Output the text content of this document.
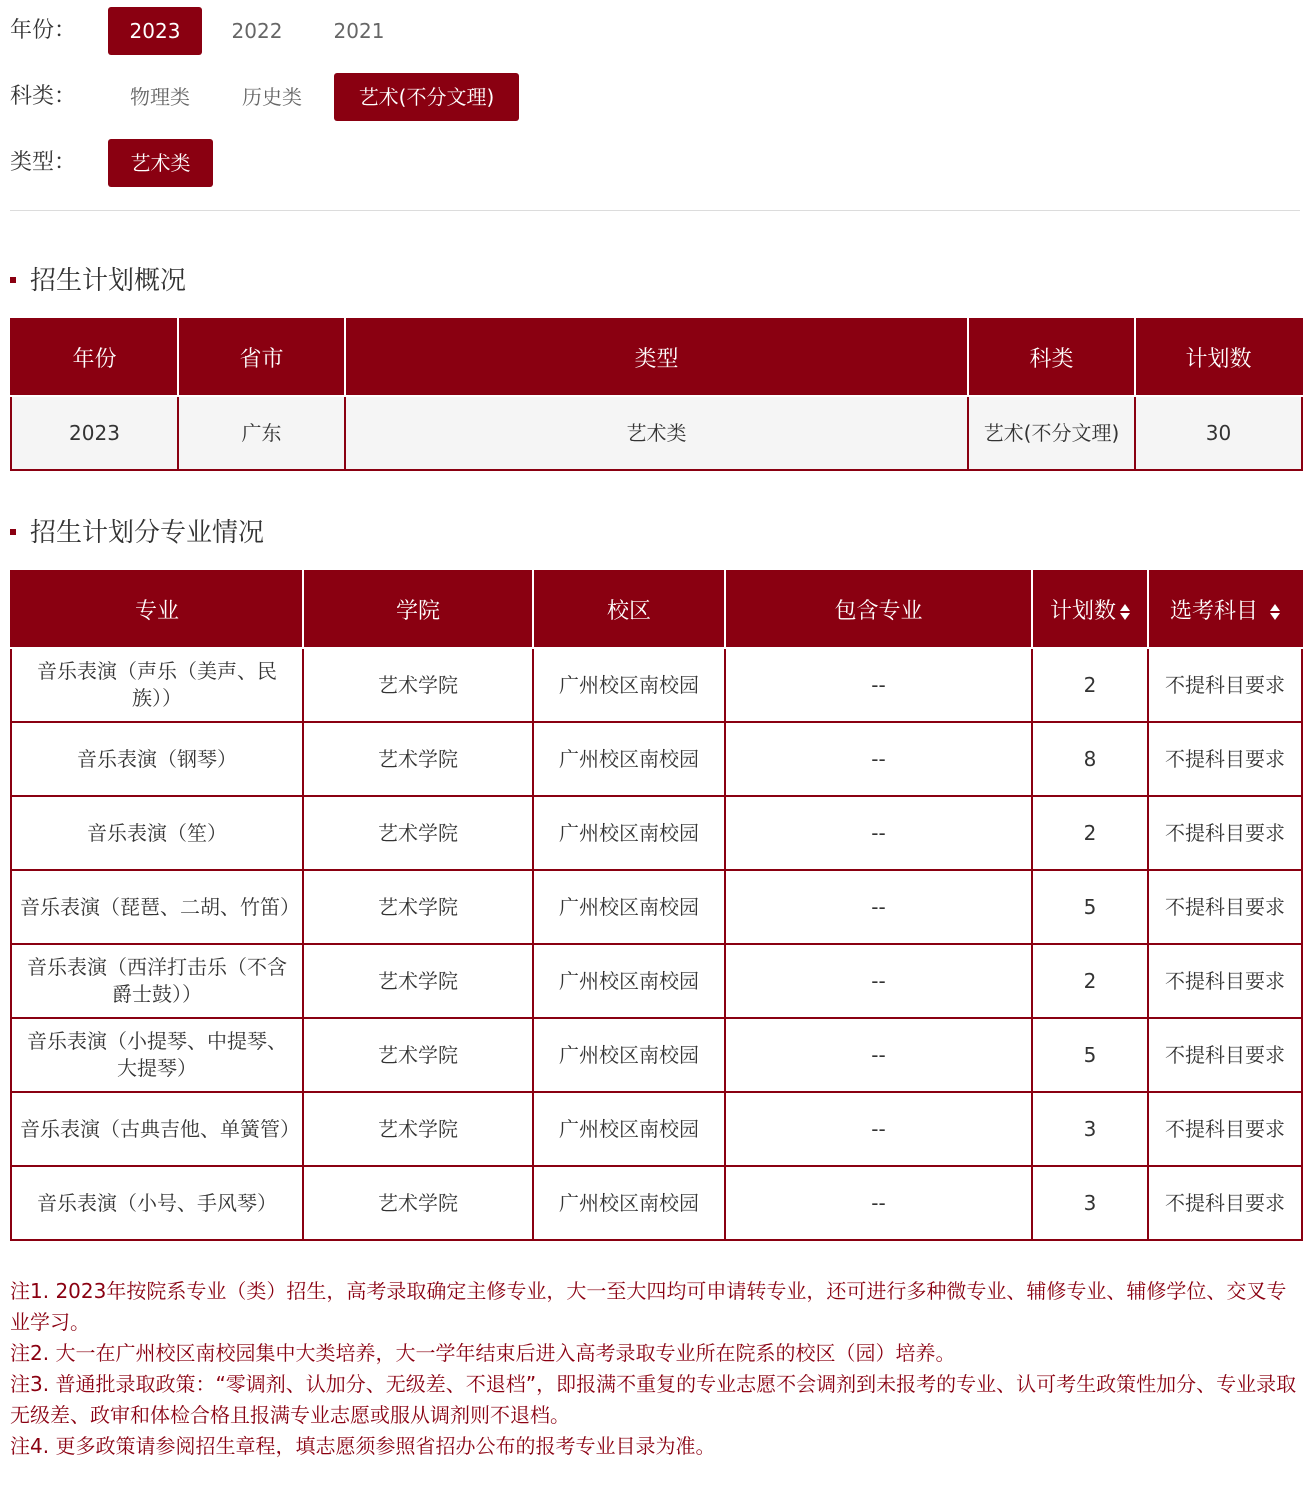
年份：	2023	2022	2021
科类：	物理类	历史类	艺术(不分文理)
类型：	艺术类
招生计划概况
年份	省市	类型	科类	计划数
2023	广东	艺术类	艺术(不分文理)	30
招生计划分专业情况
专业	学院	校区	包含专业	计划数	选考科目
音乐表演（声乐（美声、民族））	艺术学院	广州校区南校园	--	2	不提科目要求
音乐表演（钢琴）	艺术学院	广州校区南校园	--	8	不提科目要求
音乐表演（笙）	艺术学院	广州校区南校园	--	2	不提科目要求
音乐表演（琵琶、二胡、竹笛）	艺术学院	广州校区南校园	--	5	不提科目要求
音乐表演（西洋打击乐（不含爵士鼓））	艺术学院	广州校区南校园	--	2	不提科目要求
音乐表演（小提琴、中提琴、大提琴）	艺术学院	广州校区南校园	--	5	不提科目要求
音乐表演（古典吉他、单簧管）	艺术学院	广州校区南校园	--	3	不提科目要求
音乐表演（小号、手风琴）	艺术学院	广州校区南校园	--	3	不提科目要求

注1. 2023年按院系专业（类）招生，高考录取确定主修专业，大一至大四均可申请转专业，还可进行多种微专业、辅修专业、辅修学位、交叉专业学习。

注2. 大一在广州校区南校园集中大类培养，大一学年结束后进入高考录取专业所在院系的校区（园）培养。

注3. 普通批录取政策：“零调剂、认加分、无级差、不退档”，即报满不重复的专业志愿不会调剂到未报考的专业、认可考生政策性加分、专业录取无级差、政审和体检合格且报满专业志愿或服从调剂则不退档。

注4. 更多政策请参阅招生章程，填志愿须参照省招办公布的报考专业目录为准。
